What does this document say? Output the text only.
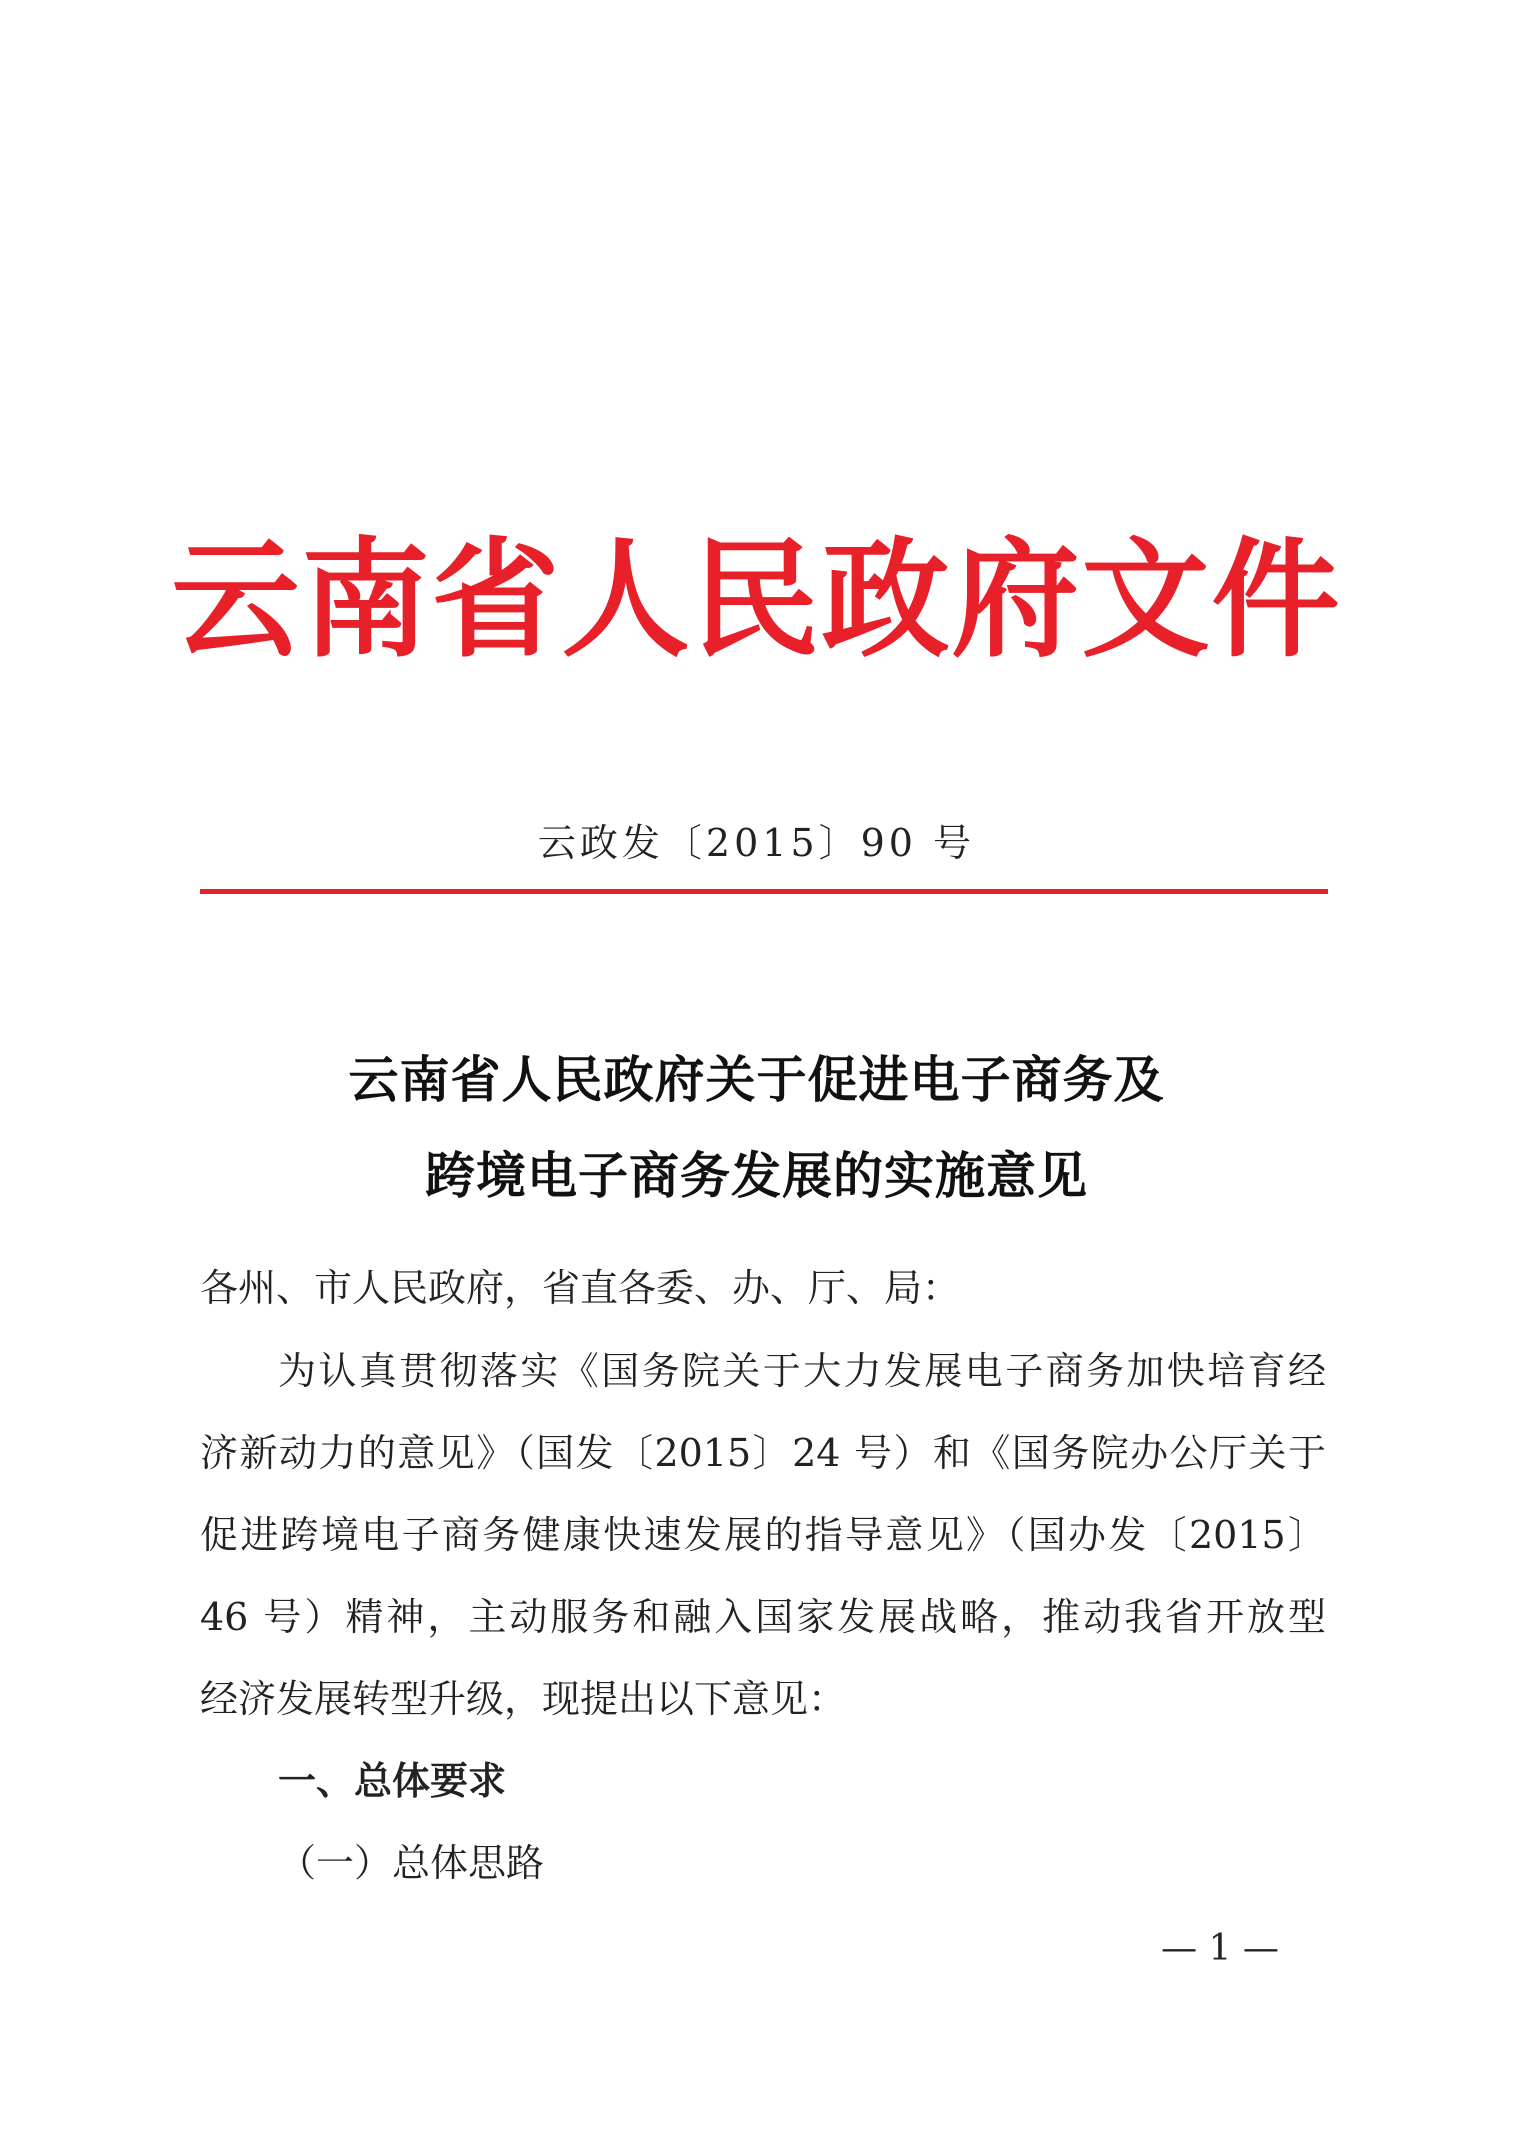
云南省人民政府文件
云政发〔2015〕90 号
云南省人民政府关于促进电子商务及
跨境电子商务发展的实施意见
各州、市人民政府，省直各委、办、厅、局：
为认真贯彻落实《国务院关于大力发展电子商务加快培育经
济新动力的意见》（国发〔2015〕24 号）和《国务院办公厅关于
促进跨境电子商务健康快速发展的指导意见》（国办发〔2015〕
46 号）精神，主动服务和融入国家发展战略，推动我省开放型
经济发展转型升级，现提出以下意见：
一、总体要求
（一）总体思路
— 1 —
